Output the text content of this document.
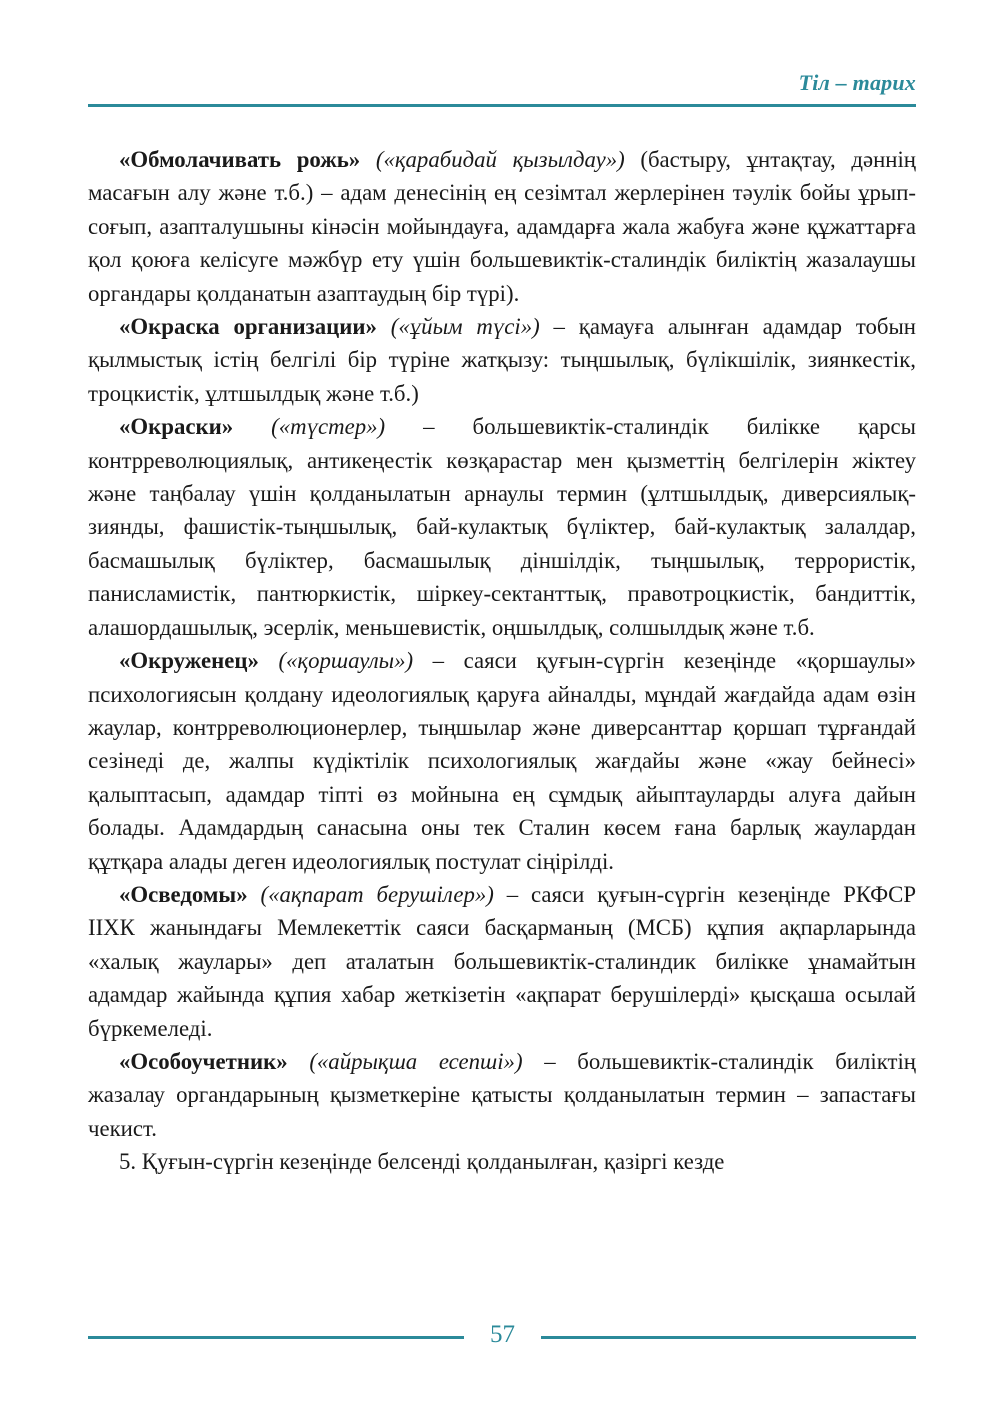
Тіл – тарих

«Обмолачивать рожь» («қарабидай қызылдау») (бастыру, ұнтақтау, дәннің масағын алу және т.б.) – адам денесінің ең сезімтал жерлерінен тәулік бойы ұрып-соғып, азапталушыны кінәсін мойындауға, адамдарға жала жабуға және құжаттарға қол қоюға келісуге мәжбүр ету үшін большевиктік-сталиндік биліктің жазалаушы органдары қолданатын азаптаудың бір түрі).

«Окраска организации» («ұйым түсі») – қамауға алынған адамдар тобын қылмыстық істің белгілі бір түріне жатқызу: тыңшылық, бүлікшілік, зиянкестік, троцкистік, ұлтшылдық және т.б.)

«Окраски» («түстер») – большевиктік-сталиндік билікке қарсы контрреволюциялық, антикеңестік көзқарастар мен қызметтің белгілерін жіктеу және таңбалау үшін қолданылатын арнаулы термин (ұлтшылдық, диверсиялық-зиянды, фашистік-тыңшылық, бай-кулактық бүліктер, бай-кулактық залалдар, басмашылық бүліктер, басмашылық діншілдік, тыңшылық, террористік, панисламистік, пантюркистік, шіркеу-сектанттық, правотроцкистік, бандиттік, алашордашылық, эсерлік, меньшевистік, оңшылдық, солшылдық және т.б.

«Окруженец» («қоршаулы») – саяси қуғын-сүргін кезеңінде «қоршаулы» психологиясын қолдану идеологиялық қаруға айналды, мұндай жағдайда адам өзін жаулар, контрреволюционерлер, тыңшылар және диверсанттар қоршап тұрғандай сезінеді де, жалпы күдіктілік психологиялық жағдайы және «жау бейнесі» қалыптасып, адамдар тіпті өз мойнына ең сұмдық айыптауларды алуға дайын болады. Адамдардың санасына оны тек Сталин көсем ғана барлық жаулардан құтқара алады деген идеологиялық постулат сіңірілді.

«Осведомы» («ақпарат берушілер») – саяси қуғын-сүргін кезеңінде РКФСР ІІХК жанындағы Мемлекеттік саяси басқарманың (МСБ) құпия ақпарларында «халық жаулары» деп аталатын большевиктік-сталиндик билікке ұнамайтын адамдар жайында құпия хабар жеткізетін «ақпарат берушілерді» қысқаша осылай бүркемеледі.

«Особоучетник» («айрықша есепші») – большевиктік-сталиндік биліктің жазалау органдарының қызметкеріне қатысты қолданылатын термин – запастағы чекист.

5. Қуғын-сүргін кезеңінде белсенді қолданылған, қазіргі кезде

57
